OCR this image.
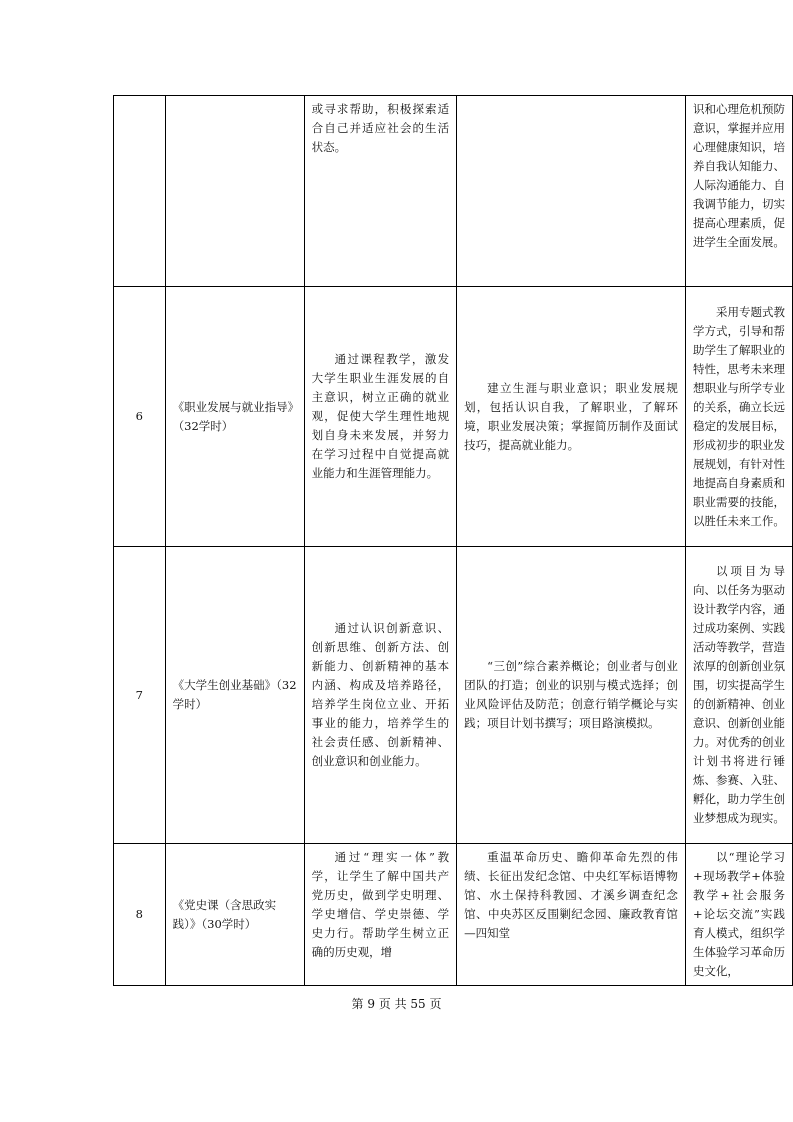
		或寻求帮助，积极探索适合自己并适应社会的生活状态。		识和心理危机预防意识，掌握并应用心理健康知识，培养自我认知能力、人际沟通能力、自我调节能力，切实提高心理素质，促进学生全面发展。

6	《职业发展与就业指导》（32学时）	通过课程教学，激发大学生职业生涯发展的自主意识，树立正确的就业观，促使大学生理性地规划自身未来发展，并努力在学习过程中自觉提高就业能力和生涯管理能力。	建立生涯与职业意识；职业发展规划，包括认识自我，了解职业，了解环境，职业发展决策；掌握简历制作及面试技巧，提高就业能力。	采用专题式教学方式，引导和帮助学生了解职业的特性，思考未来理想职业与所学专业的关系，确立长远稳定的发展目标，形成初步的职业发展规划，有针对性地提高自身素质和职业需要的技能，以胜任未来工作。

7	《大学生创业基础》（32学时）	通过认识创新意识、创新思维、创新方法、创新能力、创新精神的基本内涵、构成及培养路径，培养学生岗位立业、开拓事业的能力，培养学生的社会责任感、创新精神、创业意识和创业能力。	“三创”综合素养概论；创业者与创业团队的打造；创业的识别与模式选择；创业风险评估及防范；创意行销学概论与实践；项目计划书撰写；项目路演模拟。	以项目为导向、以任务为驱动设计教学内容，通过成功案例、实践活动等教学，营造浓厚的创新创业氛围，切实提高学生的创新精神、创业意识、创新创业能力。对优秀的创业计划书将进行锤炼、参赛、入驻、孵化，助力学生创业梦想成为现实。

8	《党史课（含思政实践）》（30学时）	通过“理实一体”教学，让学生了解中国共产党历史，做到学史明理、学史增信、学史崇德、学史力行。帮助学生树立正确的历史观，增	重温革命历史、瞻仰革命先烈的伟绩、长征出发纪念馆、中央红军标语博物馆、水土保持科教园、才溪乡调查纪念馆、中央苏区反围剿纪念园、廉政教育馆—四知堂	以“理论学习+现场教学+体验教学+社会服务+论坛交流”实践育人模式，组织学生体验学习革命历史文化，

第 9 页 共 55 页
